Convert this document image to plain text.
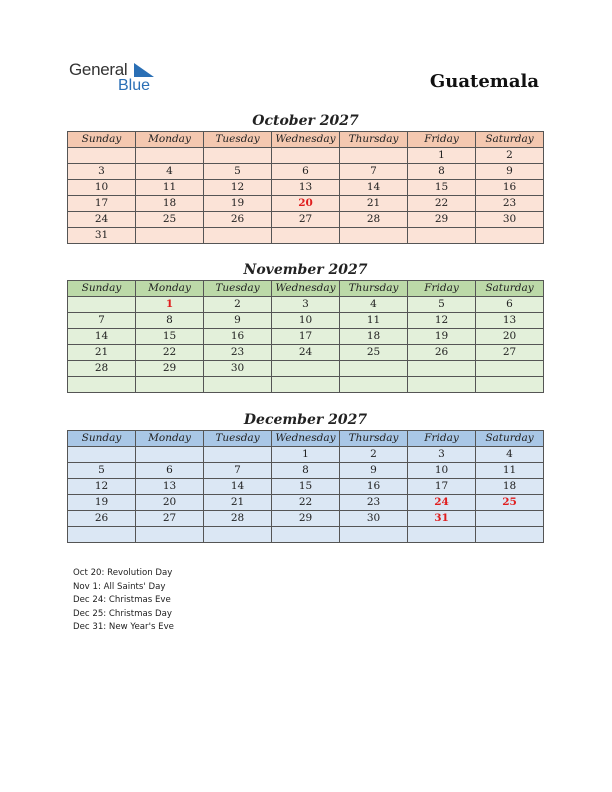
General
Blue	Guatemala
October 2027
Sunday	Monday	Tuesday	Wednesday	Thursday	Friday	Saturday
					1	2
3	4	5	6	7	8	9
10	11	12	13	14	15	16
17	18	19	20	21	22	23
24	25	26	27	28	29	30
31						
November 2027
Sunday	Monday	Tuesday	Wednesday	Thursday	Friday	Saturday
	1	2	3	4	5	6
7	8	9	10	11	12	13
14	15	16	17	18	19	20
21	22	23	24	25	26	27
28	29	30				

December 2027
Sunday	Monday	Tuesday	Wednesday	Thursday	Friday	Saturday
			1	2	3	4
5	6	7	8	9	10	11
12	13	14	15	16	17	18
19	20	21	22	23	24	25
26	27	28	29	30	31	

Oct 20: Revolution Day
Nov 1: All Saints' Day
Dec 24: Christmas Eve
Dec 25: Christmas Day
Dec 31: New Year's Eve
